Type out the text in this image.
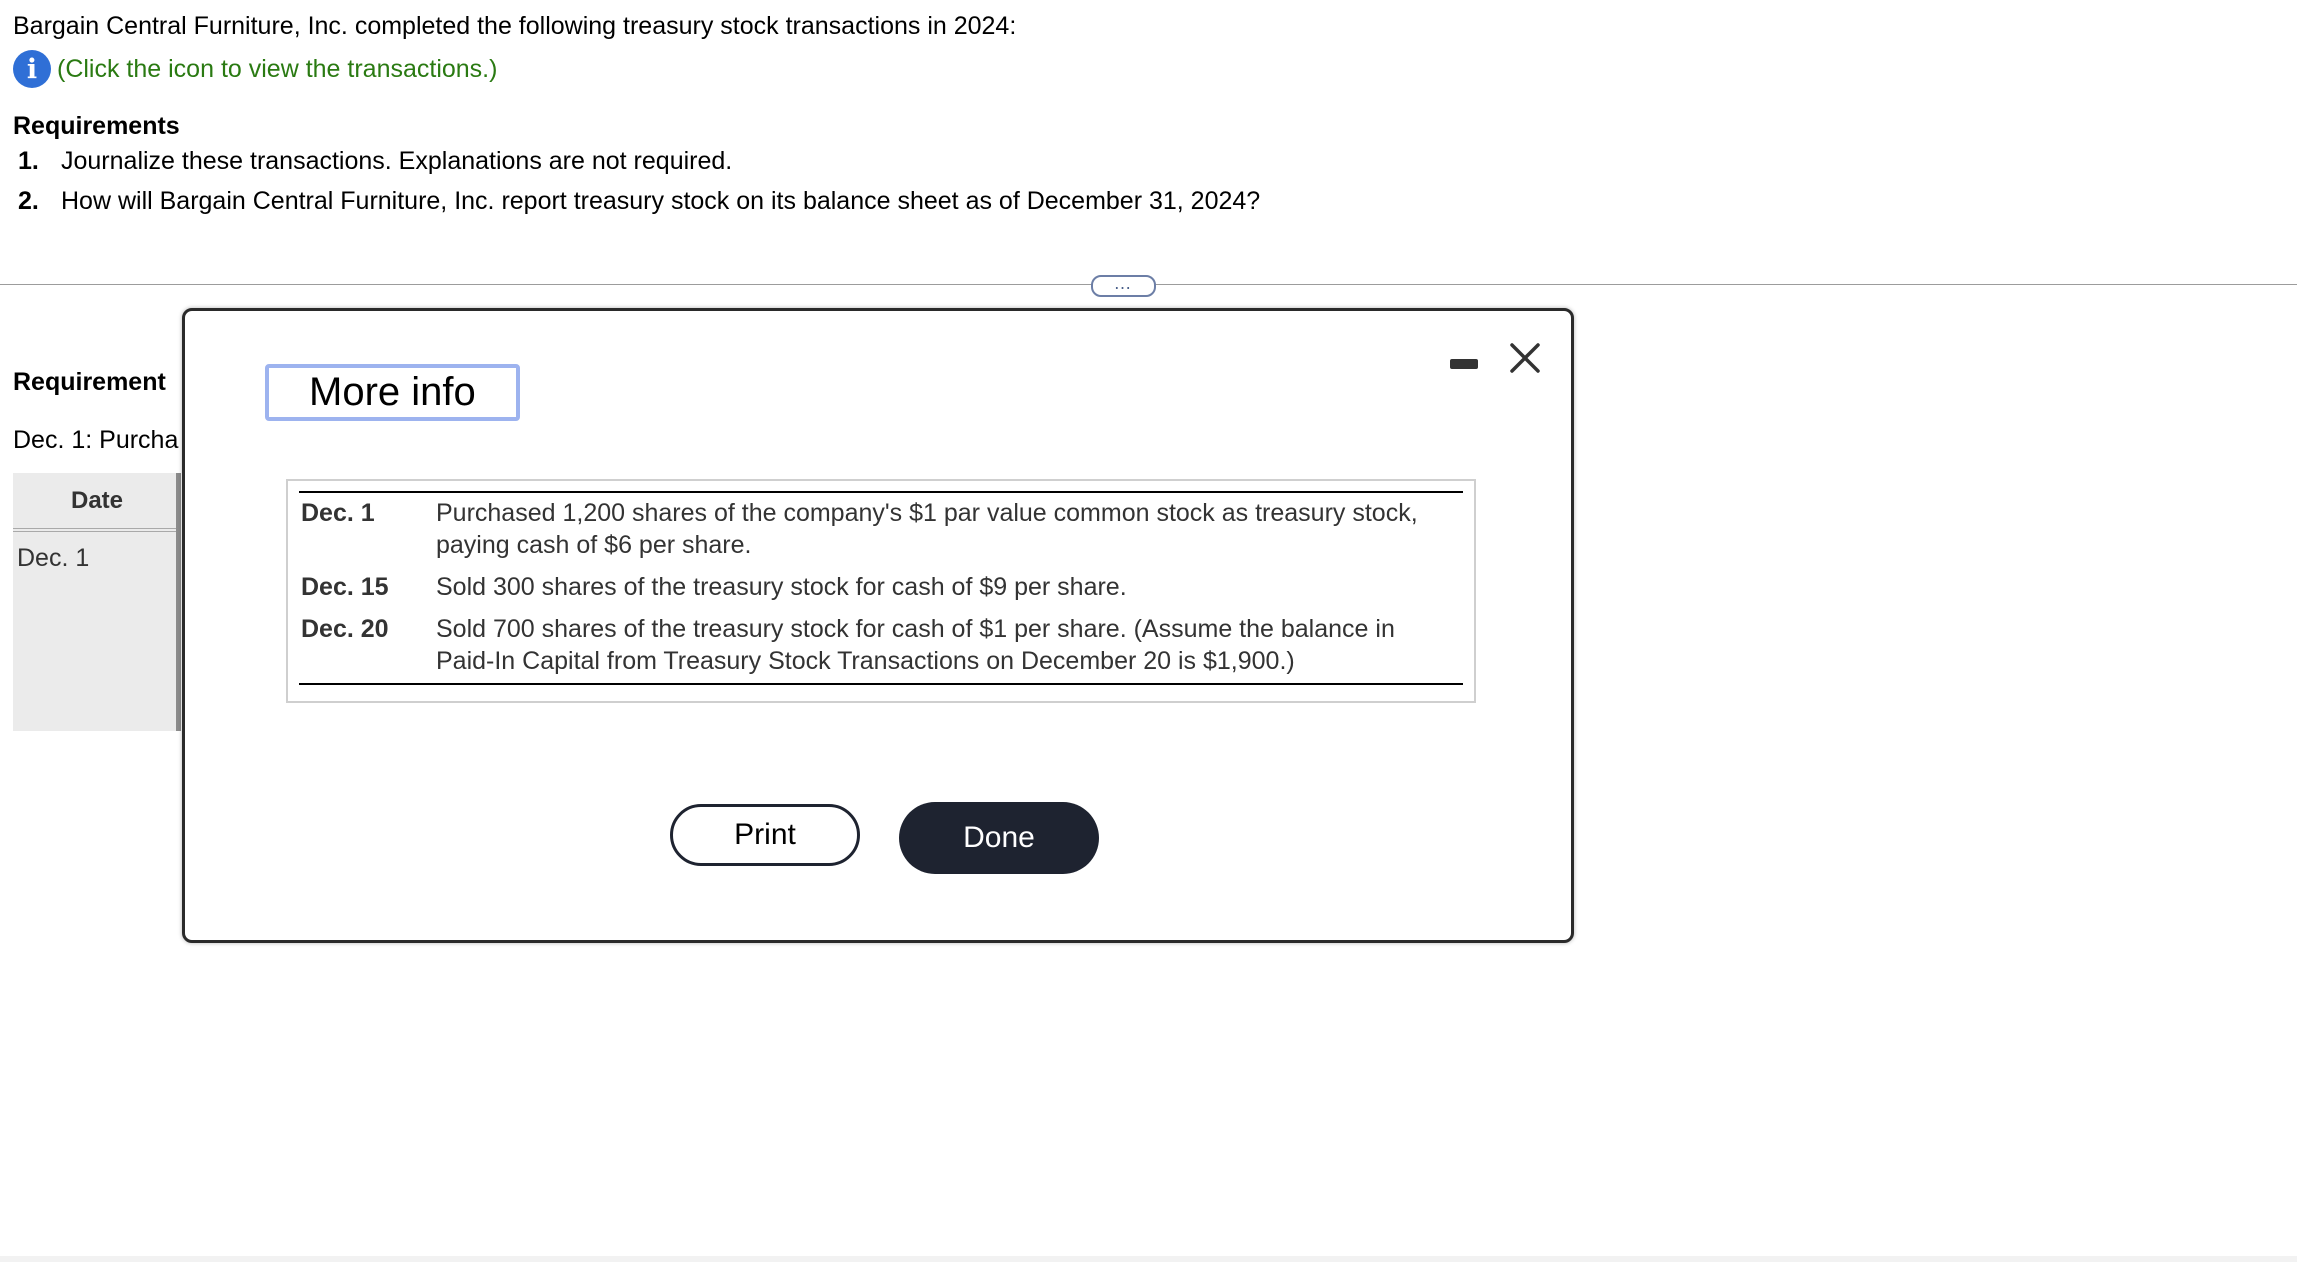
Bargain Central Furniture, Inc. completed the following treasury stock transactions in 2024:
i (Click the icon to view the transactions.)
Requirements
1. Journalize these transactions. Explanations are not required.
2. How will Bargain Central Furniture, Inc. report treasury stock on its balance sheet as of December 31, 2024?
…
Requirement
Dec. 1: Purcha
Date
Dec. 1
More info
Dec. 1	Purchased 1,200 shares of the company's $1 par value common stock as treasury stock,
paying cash of $6 per share.

Dec. 15	Sold 300 shares of the treasury stock for cash of $9 per share.

Dec. 20	Sold 700 shares of the treasury stock for cash of $1 per share. (Assume the balance in
Paid-In Capital from Treasury Stock Transactions on December 20 is $1,900.)
Print	Done
